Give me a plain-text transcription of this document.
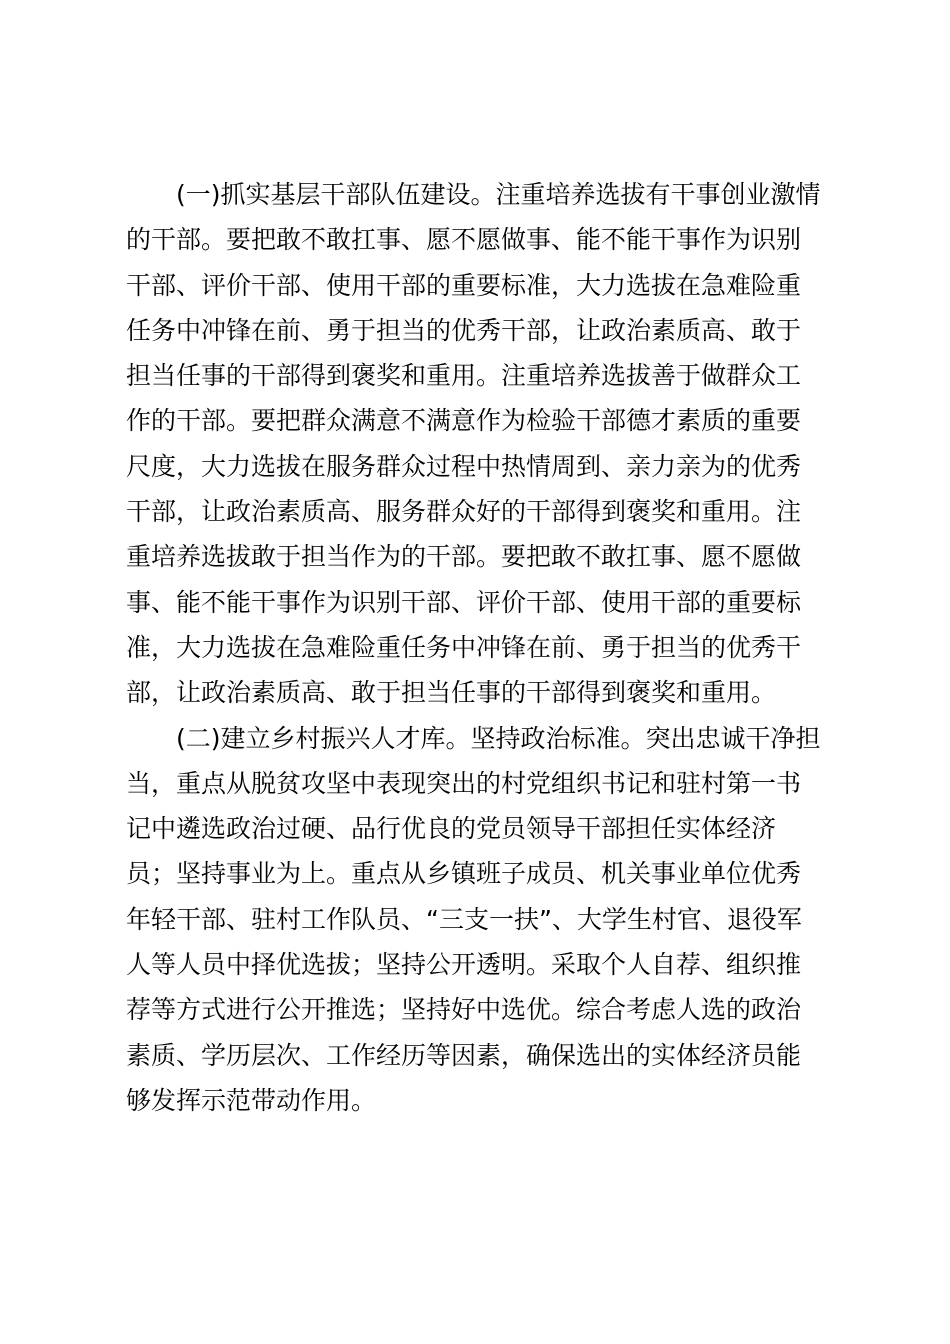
(一)抓实基层干部队伍建设。注重培养选拔有干事创业激情
的干部。要把敢不敢扛事、愿不愿做事、能不能干事作为识别
干部、评价干部、使用干部的重要标准，大力选拔在急难险重
任务中冲锋在前、勇于担当的优秀干部，让政治素质高、敢于
担当任事的干部得到褒奖和重用。注重培养选拔善于做群众工
作的干部。要把群众满意不满意作为检验干部德才素质的重要
尺度，大力选拔在服务群众过程中热情周到、亲力亲为的优秀
干部，让政治素质高、服务群众好的干部得到褒奖和重用。注
重培养选拔敢于担当作为的干部。要把敢不敢扛事、愿不愿做
事、能不能干事作为识别干部、评价干部、使用干部的重要标
准，大力选拔在急难险重任务中冲锋在前、勇于担当的优秀干
部，让政治素质高、敢于担当任事的干部得到褒奖和重用。
(二)建立乡村振兴人才库。坚持政治标准。突出忠诚干净担
当，重点从脱贫攻坚中表现突出的村党组织书记和驻村第一书
记中遴选政治过硬、品行优良的党员领导干部担任实体经济
员；坚持事业为上。重点从乡镇班子成员、机关事业单位优秀
年轻干部、驻村工作队员、“三支一扶”、大学生村官、退役军
人等人员中择优选拔；坚持公开透明。采取个人自荐、组织推
荐等方式进行公开推选；坚持好中选优。综合考虑人选的政治
素质、学历层次、工作经历等因素，确保选出的实体经济员能
够发挥示范带动作用。
